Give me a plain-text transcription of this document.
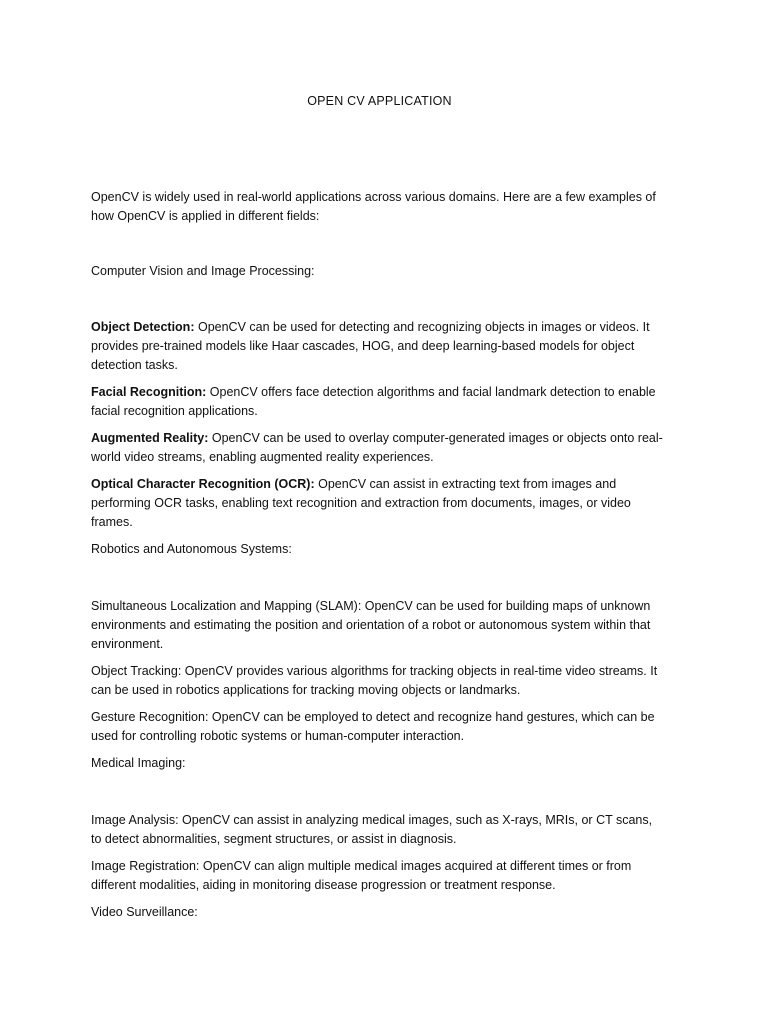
OPEN CV APPLICATION

OpenCV is widely used in real-world applications across various domains. Here are a few examples of how OpenCV is applied in different fields:

Computer Vision and Image Processing:

Object Detection: OpenCV can be used for detecting and recognizing objects in images or videos. It provides pre-trained models like Haar cascades, HOG, and deep learning-based models for object detection tasks.

Facial Recognition: OpenCV offers face detection algorithms and facial landmark detection to enable facial recognition applications.

Augmented Reality: OpenCV can be used to overlay computer-generated images or objects onto real-world video streams, enabling augmented reality experiences.

Optical Character Recognition (OCR): OpenCV can assist in extracting text from images and performing OCR tasks, enabling text recognition and extraction from documents, images, or video frames.

Robotics and Autonomous Systems:

Simultaneous Localization and Mapping (SLAM): OpenCV can be used for building maps of unknown environments and estimating the position and orientation of a robot or autonomous system within that environment.

Object Tracking: OpenCV provides various algorithms for tracking objects in real-time video streams. It can be used in robotics applications for tracking moving objects or landmarks.

Gesture Recognition: OpenCV can be employed to detect and recognize hand gestures, which can be used for controlling robotic systems or human-computer interaction.

Medical Imaging:

Image Analysis: OpenCV can assist in analyzing medical images, such as X-rays, MRIs, or CT scans, to detect abnormalities, segment structures, or assist in diagnosis.

Image Registration: OpenCV can align multiple medical images acquired at different times or from different modalities, aiding in monitoring disease progression or treatment response.

Video Surveillance:
